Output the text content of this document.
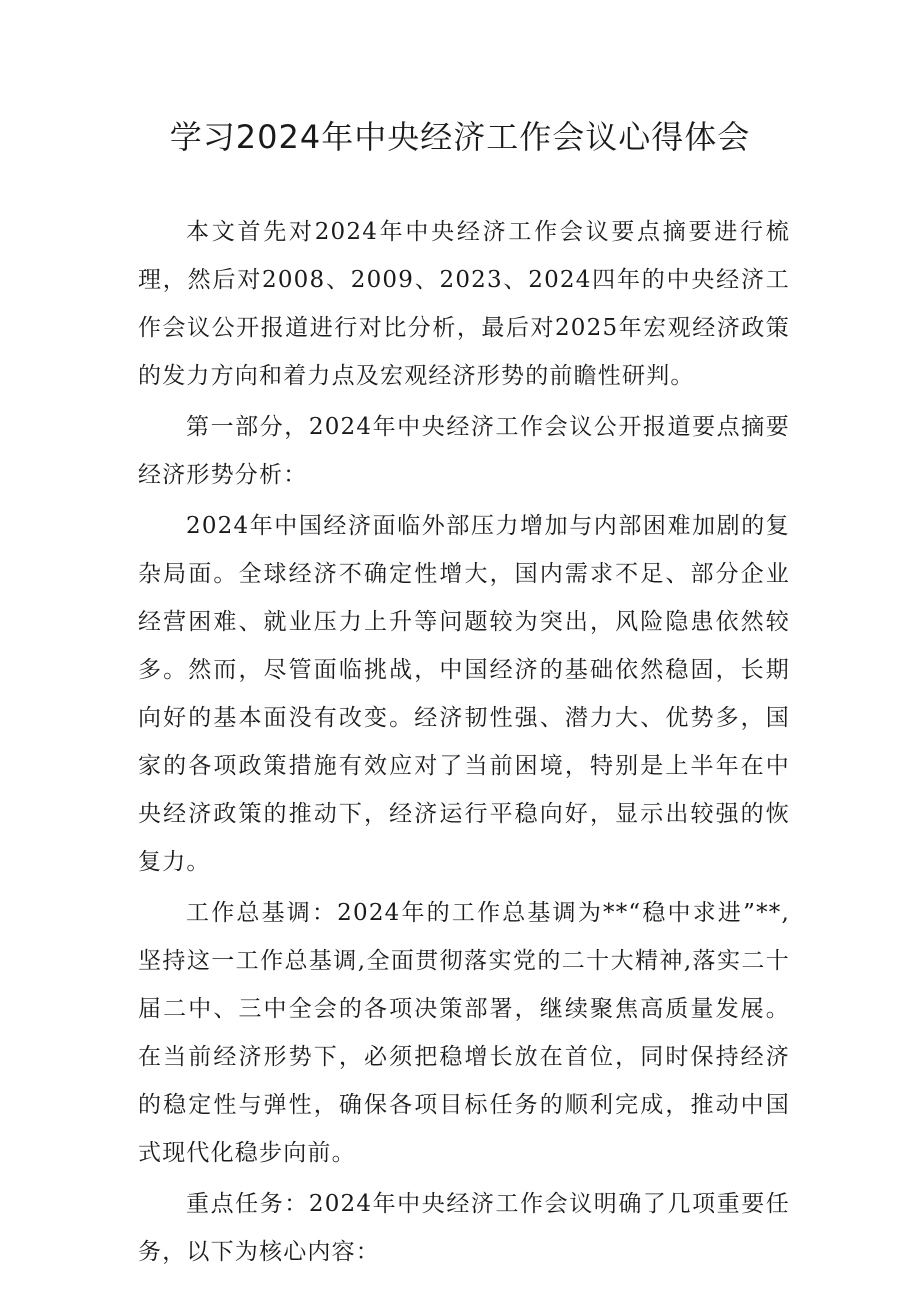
学习2024年中央经济工作会议心得体会

本文首先对2024年中央经济工作会议要点摘要进行梳理，然后对2008、2009、2023、2024四年的中央经济工作会议公开报道进行对比分析，最后对2025年宏观经济政策的发力方向和着力点及宏观经济形势的前瞻性研判。

第一部分，2024年中央经济工作会议公开报道要点摘要经济形势分析：

2024年中国经济面临外部压力增加与内部困难加剧的复杂局面。全球经济不确定性增大，国内需求不足、部分企业经营困难、就业压力上升等问题较为突出，风险隐患依然较多。然而，尽管面临挑战，中国经济的基础依然稳固，长期向好的基本面没有改变。经济韧性强、潜力大、优势多，国家的各项政策措施有效应对了当前困境，特别是上半年在中央经济政策的推动下，经济运行平稳向好，显示出较强的恢复力。

工作总基调：2024年的工作总基调为**“稳中求进”**,坚持这一工作总基调,全面贯彻落实党的二十大精神,落实二十届二中、三中全会的各项决策部署，继续聚焦高质量发展。在当前经济形势下，必须把稳增长放在首位，同时保持经济的稳定性与弹性，确保各项目标任务的顺利完成，推动中国式现代化稳步向前。

重点任务：2024年中央经济工作会议明确了几项重要任务，以下为核心内容：
